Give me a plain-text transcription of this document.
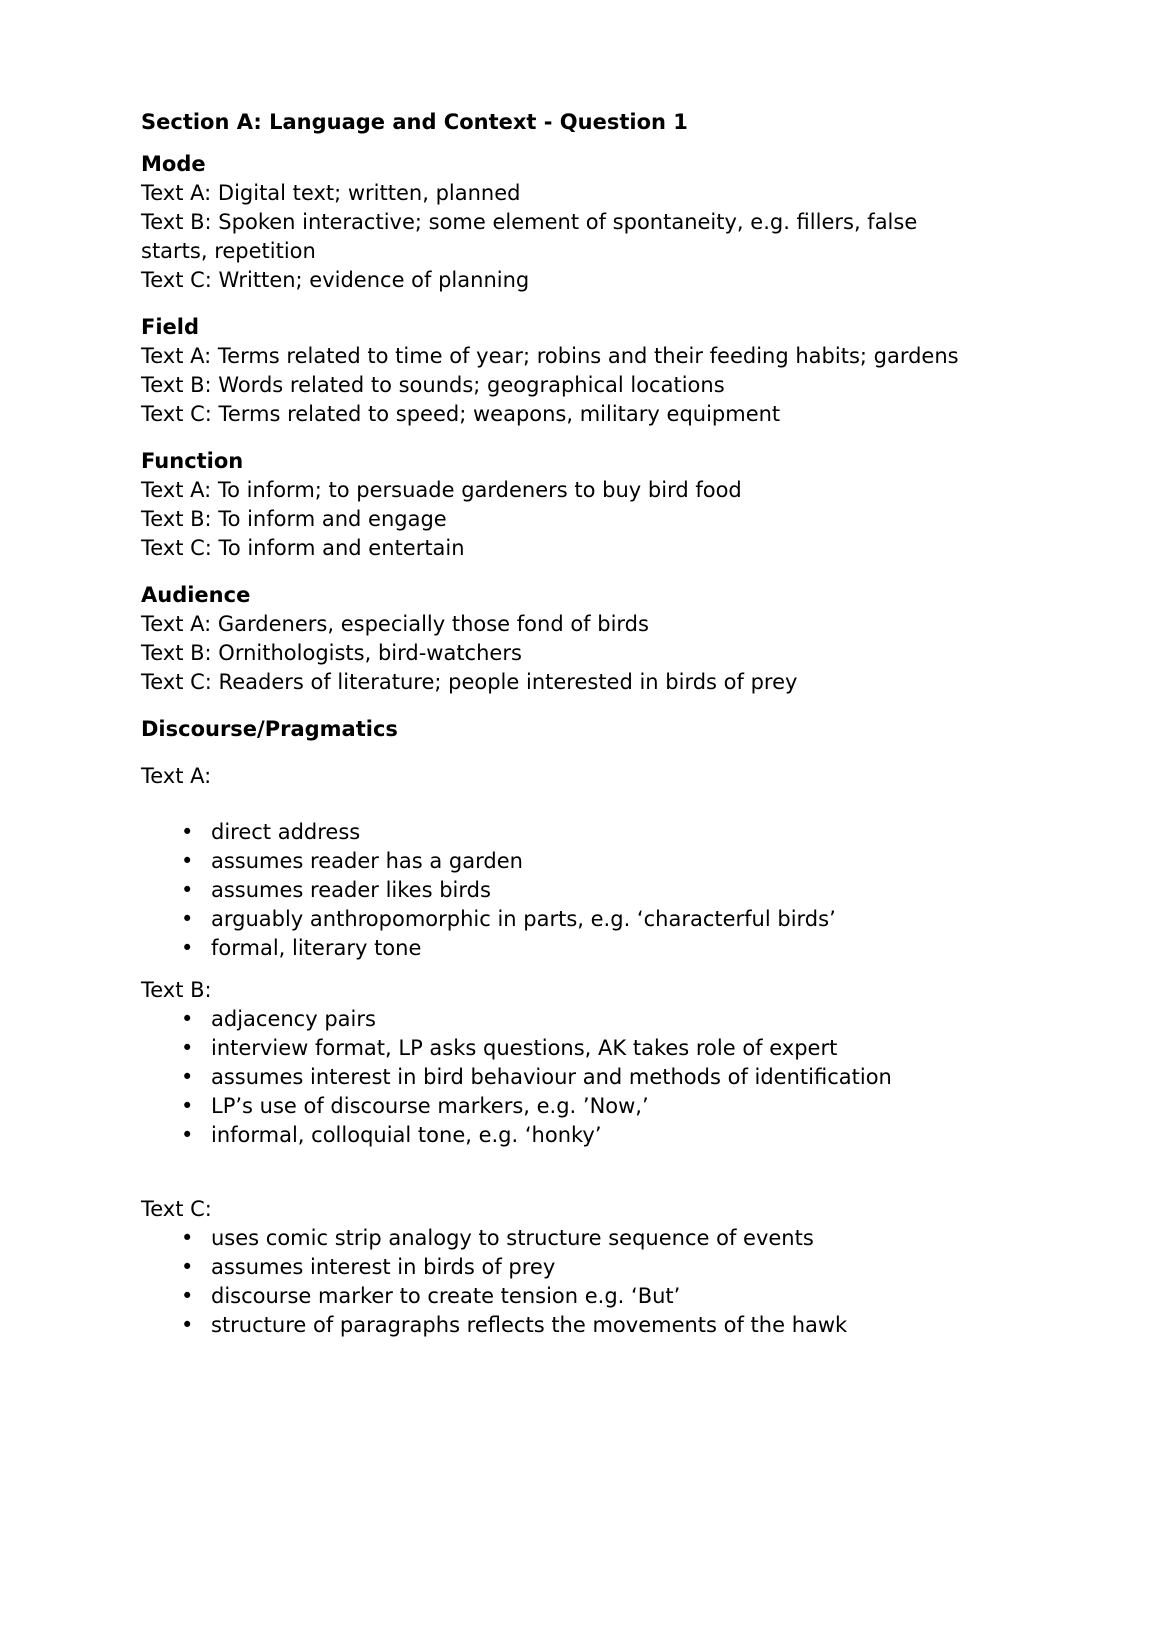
Section A: Language and Context - Question 1

Mode

Text A: Digital text; written, planned

Text B: Spoken interactive; some element of spontaneity, e.g. fillers, false starts, repetition

Text C: Written; evidence of planning

Field

Text A: Terms related to time of year; robins and their feeding habits; gardens

Text B: Words related to sounds; geographical locations

Text C: Terms related to speed; weapons, military equipment

Function

Text A: To inform; to persuade gardeners to buy bird food

Text B: To inform and engage

Text C: To inform and entertain

Audience

Text A: Gardeners, especially those fond of birds

Text B: Ornithologists, bird-watchers

Text C: Readers of literature; people interested in birds of prey

Discourse/Pragmatics

Text A:

• direct address
• assumes reader has a garden
• assumes reader likes birds
• arguably anthropomorphic in parts, e.g. ‘characterful birds’
• formal, literary tone

Text B:

• adjacency pairs
• interview format, LP asks questions, AK takes role of expert
• assumes interest in bird behaviour and methods of identification
• LP’s use of discourse markers, e.g. ’Now,’
• informal, colloquial tone, e.g. ‘honky’

Text C:

• uses comic strip analogy to structure sequence of events
• assumes interest in birds of prey
• discourse marker to create tension e.g. ‘But’
• structure of paragraphs reflects the movements of the hawk
